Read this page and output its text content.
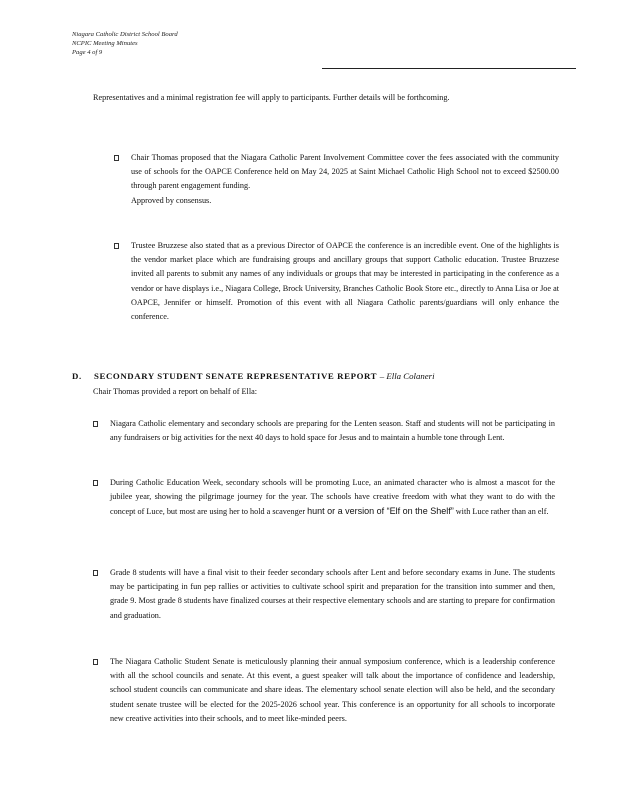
Niagara Catholic District School Board
NCPIC Meeting Minutes
Page 4 of 9

Representatives and a minimal registration fee will apply to participants. Further details will be forthcoming.

Chair Thomas proposed that the Niagara Catholic Parent Involvement Committee cover the fees associated with the community use of schools for the OAPCE Conference held on May 24, 2025 at Saint Michael Catholic High School not to exceed $2500.00 through parent engagement funding.

Approved by consensus.

Trustee Bruzzese also stated that as a previous Director of OAPCE the conference is an incredible event. One of the highlights is the vendor market place which are fundraising groups and ancillary groups that support Catholic education. Trustee Bruzzese invited all parents to submit any names of any individuals or groups that may be interested in participating in the conference as a vendor or have displays i.e., Niagara College, Brock University, Branches Catholic Book Store etc., directly to Anna Lisa or Joe at OAPCE, Jennifer or himself. Promotion of this event with all Niagara Catholic parents/guardians will only enhance the conference.

D. SECONDARY STUDENT SENATE REPRESENTATIVE REPORT – Ella Colaneri
Chair Thomas provided a report on behalf of Ella:

Niagara Catholic elementary and secondary schools are preparing for the Lenten season. Staff and students will not be participating in any fundraisers or big activities for the next 40 days to hold space for Jesus and to maintain a humble tone through Lent.

During Catholic Education Week, secondary schools will be promoting Luce, an animated character who is almost a mascot for the jubilee year, showing the pilgrimage journey for the year. The schools have creative freedom with what they want to do with the concept of Luce, but most are using her to hold a scavenger hunt or a version of “Elf on the Shelf” with Luce rather than an elf.

Grade 8 students will have a final visit to their feeder secondary schools after Lent and before secondary exams in June. The students may be participating in fun pep rallies or activities to cultivate school spirit and preparation for the transition into summer and then, grade 9. Most grade 8 students have finalized courses at their respective elementary schools and are starting to prepare for confirmation and graduation.

The Niagara Catholic Student Senate is meticulously planning their annual symposium conference, which is a leadership conference with all the school councils and senate. At this event, a guest speaker will talk about the importance of confidence and leadership, school student councils can communicate and share ideas. The elementary school senate election will also be held, and the secondary student senate trustee will be elected for the 2025-2026 school year. This conference is an opportunity for all schools to incorporate new creative activities into their schools, and to meet like-minded peers.
